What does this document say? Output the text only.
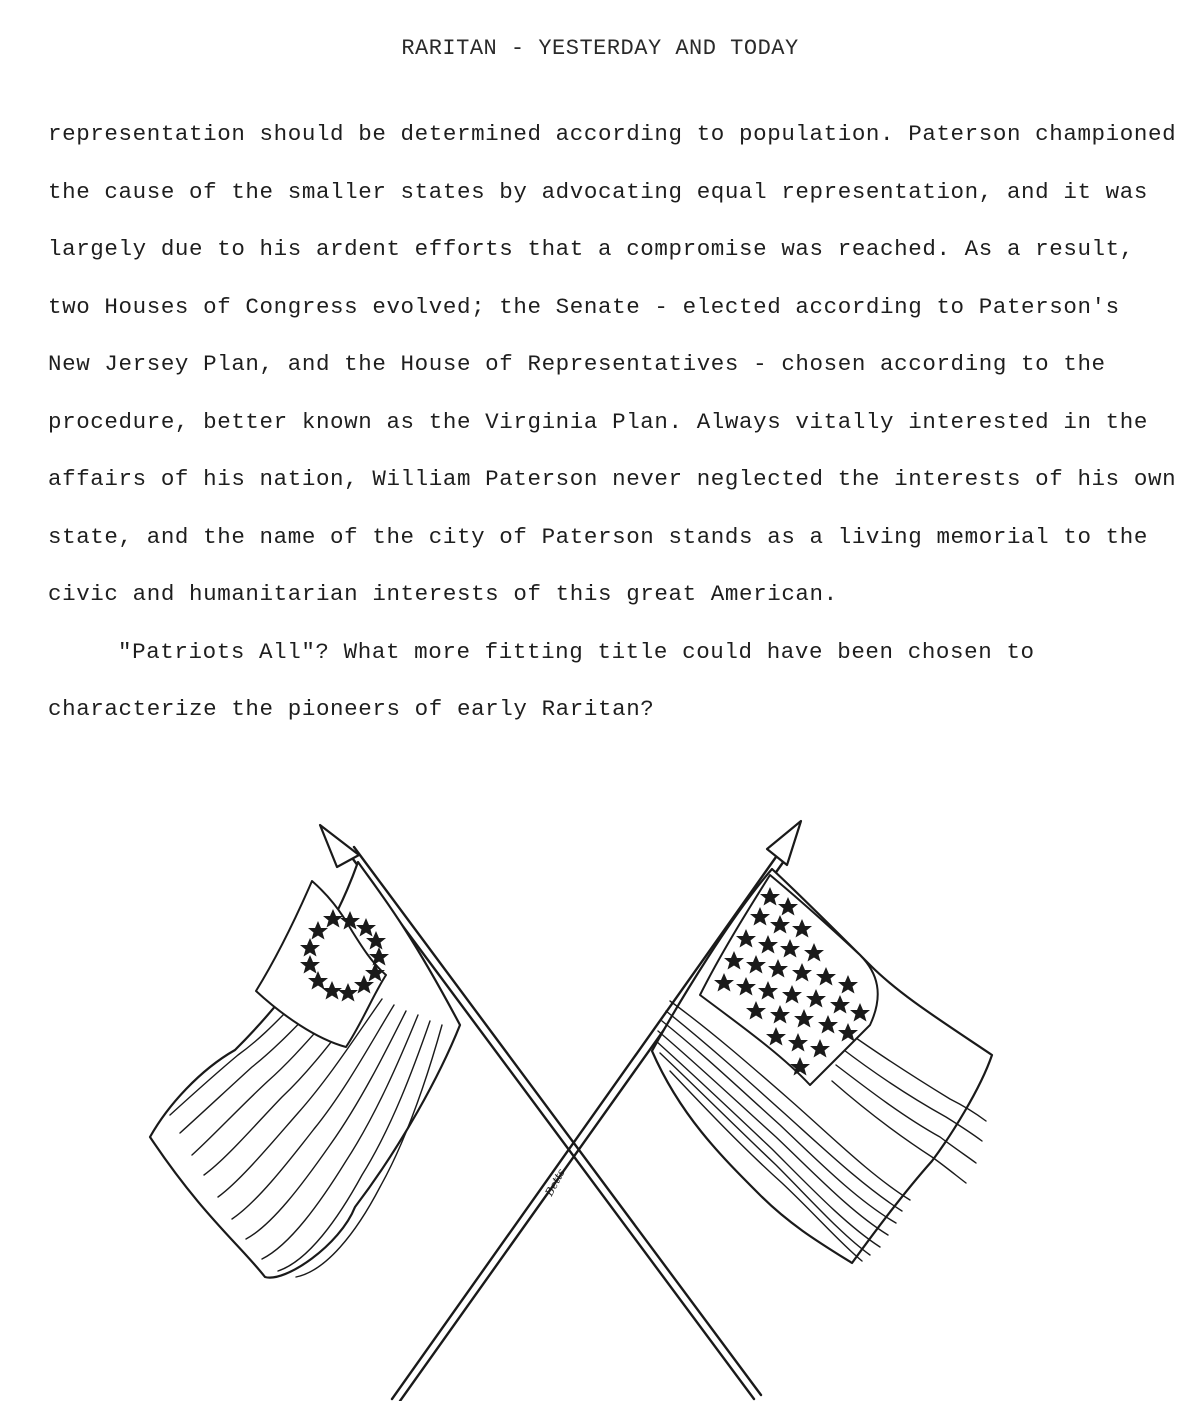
RARITAN - YESTERDAY AND TODAY
representation should be determined according to population. Paterson championed
the cause of the smaller states by advocating equal representation, and it was
largely due to his ardent efforts that a compromise was reached. As a result,
two Houses of Congress evolved; the Senate - elected according to Paterson's
New Jersey Plan, and the House of Representatives - chosen according to the
procedure, better known as the Virginia Plan. Always vitally interested in the
affairs of his nation, William Paterson never neglected the interests of his own
state, and the name of the city of Paterson stands as a living memorial to the
civic and humanitarian interests of this great American.
"Patriots All"? What more fitting title could have been chosen to
characterize the pioneers of early Raritan?
Betts
